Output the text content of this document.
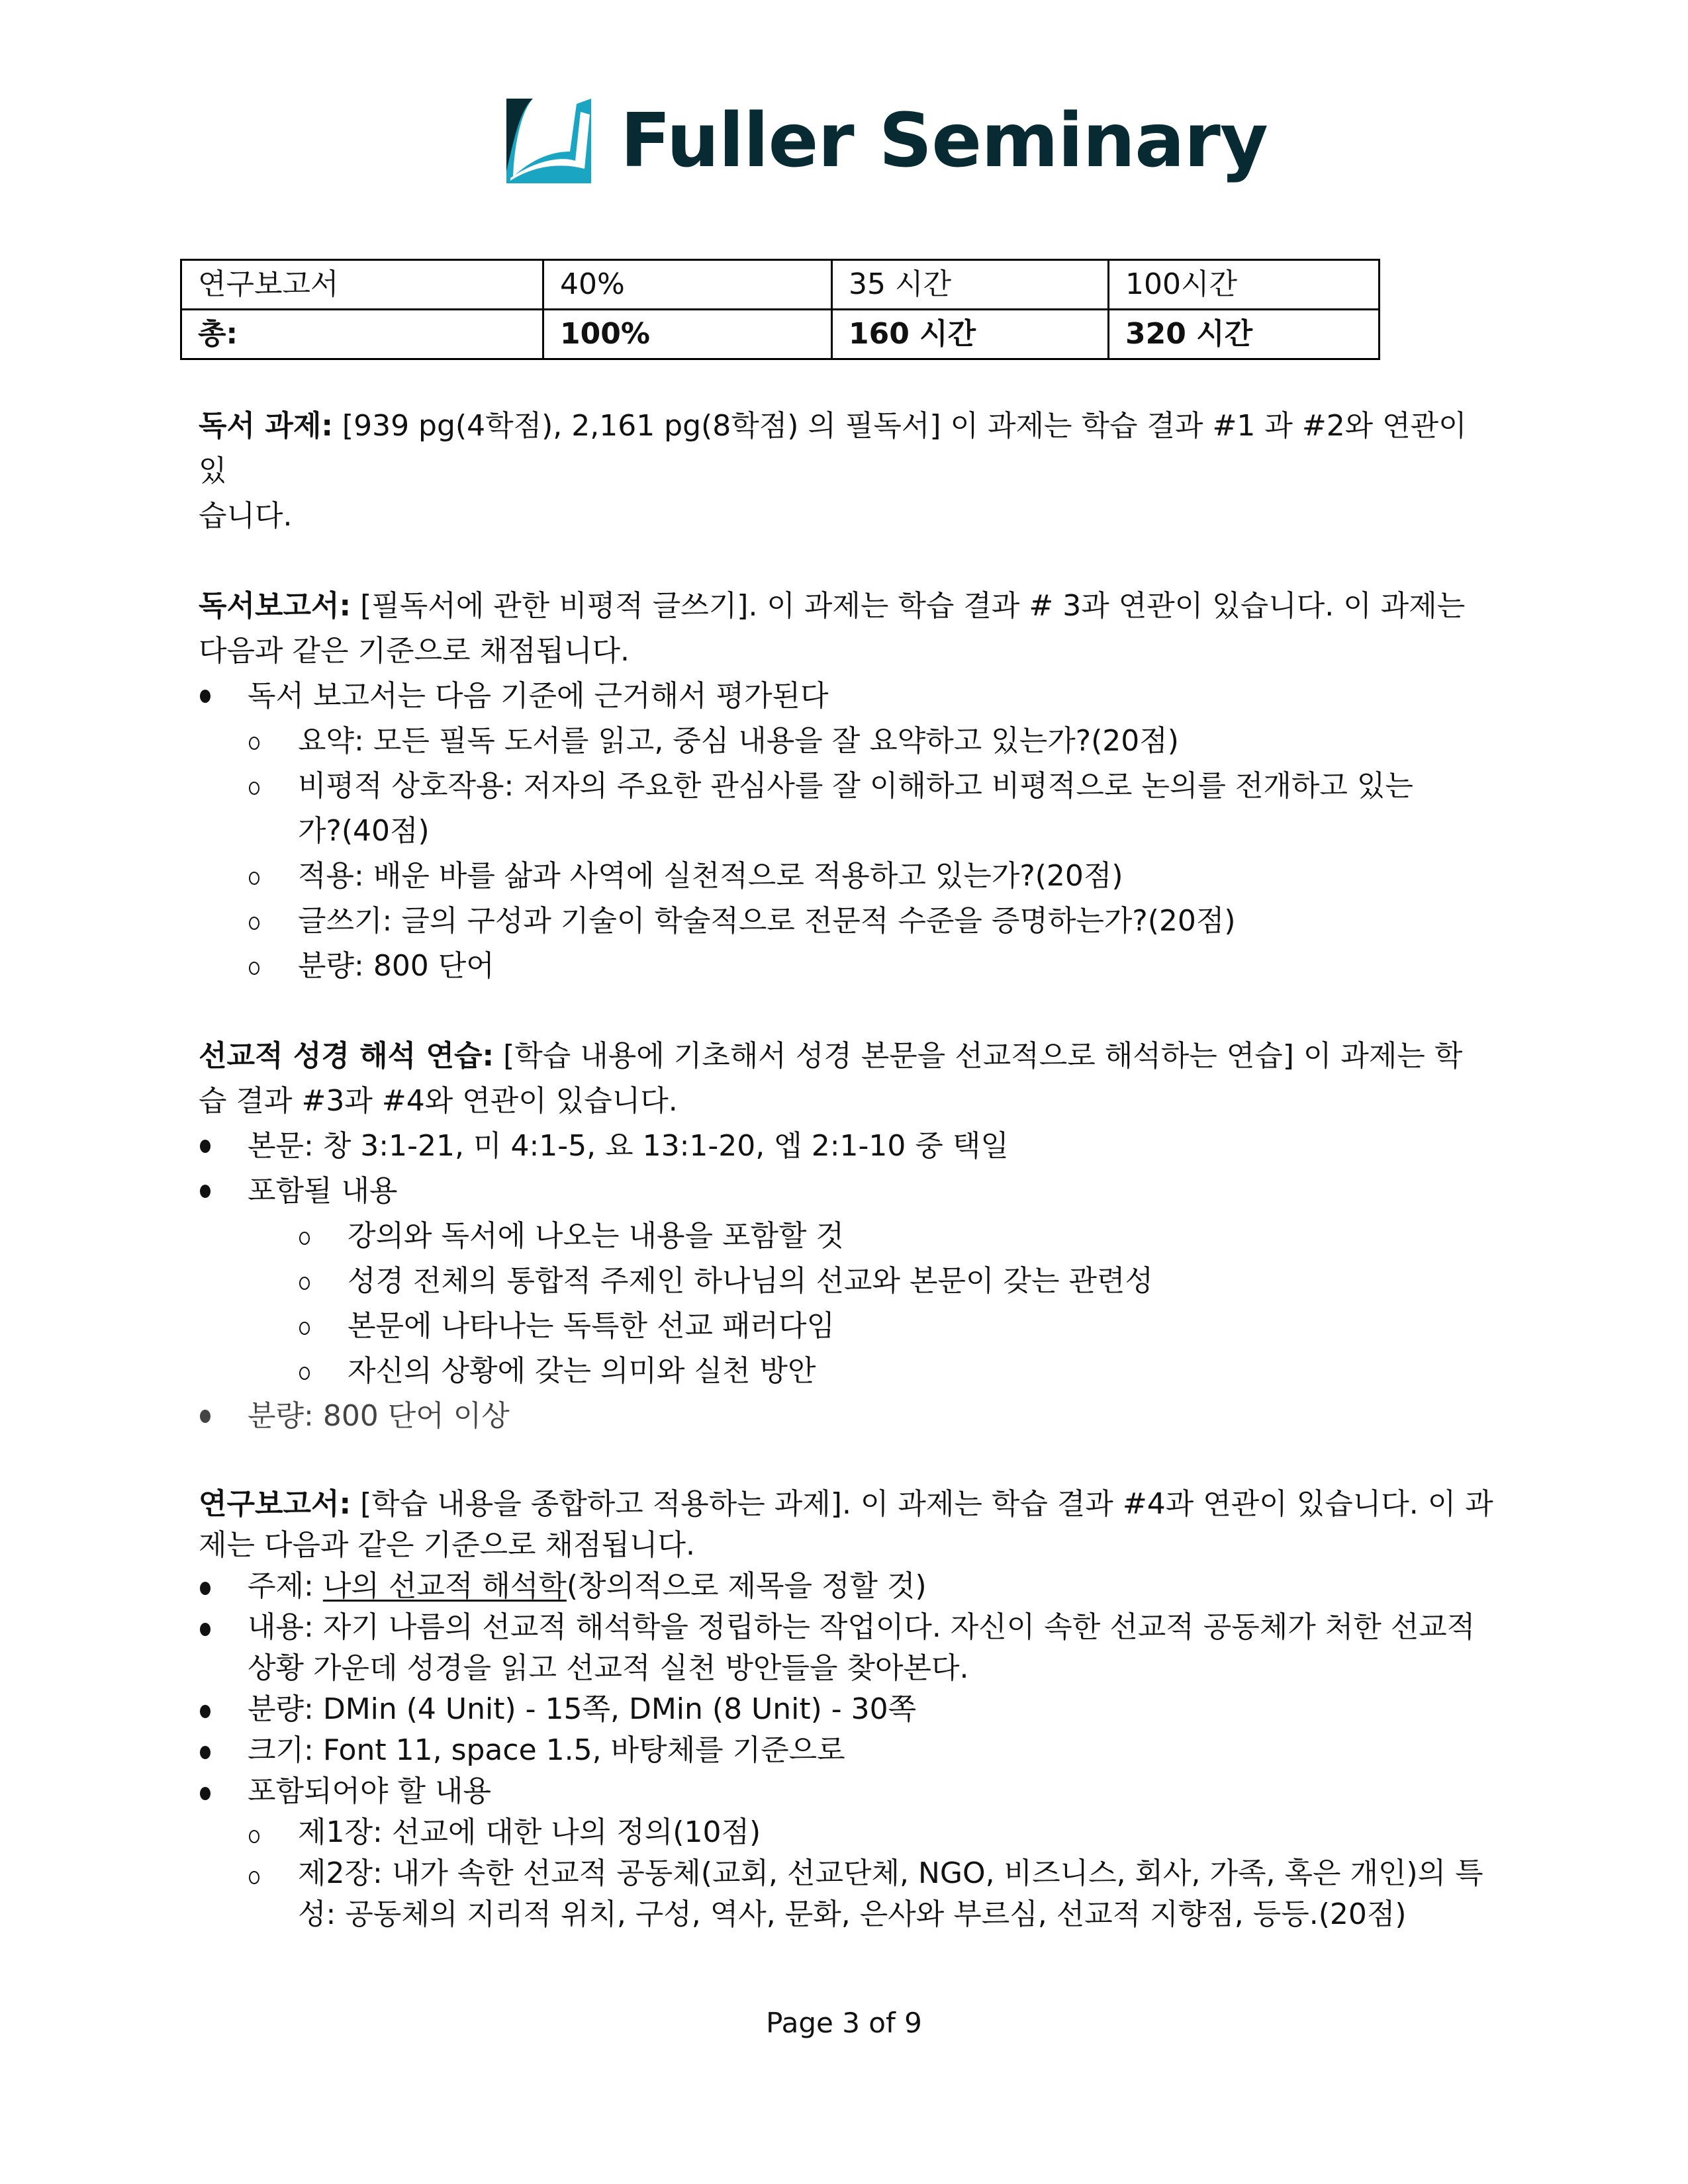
Fuller Seminary
연구보고서	40%	35 시간	100시간
총:	100%	160 시간	320 시간

독서 과제: [939 pg(4학점), 2,161 pg(8학점) 의 필독서] 이 과제는 학습 결과 #1 과 #2와 연관이 있

습니다.

독서보고서: [필독서에 관한 비평적 글쓰기]. 이 과제는 학습 결과 # 3과 연관이 있습니다. 이 과제는

다음과 같은 기준으로 채점됩니다.

독서 보고서는 다음 기준에 근거해서 평가된다
요약: 모든 필독 도서를 읽고, 중심 내용을 잘 요약하고 있는가?(20점)
비평적 상호작용: 저자의 주요한 관심사를 잘 이해하고 비평적으로 논의를 전개하고 있는
가?(40점)
적용: 배운 바를 삶과 사역에 실천적으로 적용하고 있는가?(20점)
글쓰기: 글의 구성과 기술이 학술적으로 전문적 수준을 증명하는가?(20점)
분량: 800 단어

선교적 성경 해석 연습: [학습 내용에 기초해서 성경 본문을 선교적으로 해석하는 연습] 이 과제는 학

습 결과 #3과 #4와 연관이 있습니다.

본문: 창 3:1-21, 미 4:1-5, 요 13:1-20, 엡 2:1-10 중 택일
포함될 내용
강의와 독서에 나오는 내용을 포함할 것
성경 전체의 통합적 주제인 하나님의 선교와 본문이 갖는 관련성
본문에 나타나는 독특한 선교 패러다임
자신의 상황에 갖는 의미와 실천 방안
분량: 800 단어 이상

연구보고서: [학습 내용을 종합하고 적용하는 과제]. 이 과제는 학습 결과 #4과 연관이 있습니다. 이 과

제는 다음과 같은 기준으로 채점됩니다.

주제: 나의 선교적 해석학(창의적으로 제목을 정할 것)
내용: 자기 나름의 선교적 해석학을 정립하는 작업이다. 자신이 속한 선교적 공동체가 처한 선교적
상황 가운데 성경을 읽고 선교적 실천 방안들을 찾아본다.
분량: DMin (4 Unit) - 15쪽, DMin (8 Unit) - 30쪽
크기: Font 11, space 1.5, 바탕체를 기준으로
포함되어야 할 내용
제1장: 선교에 대한 나의 정의(10점)
제2장: 내가 속한 선교적 공동체(교회, 선교단체, NGO, 비즈니스, 회사, 가족, 혹은 개인)의 특
성: 공동체의 지리적 위치, 구성, 역사, 문화, 은사와 부르심, 선교적 지향점, 등등.(20점)
Page 3 of 9
